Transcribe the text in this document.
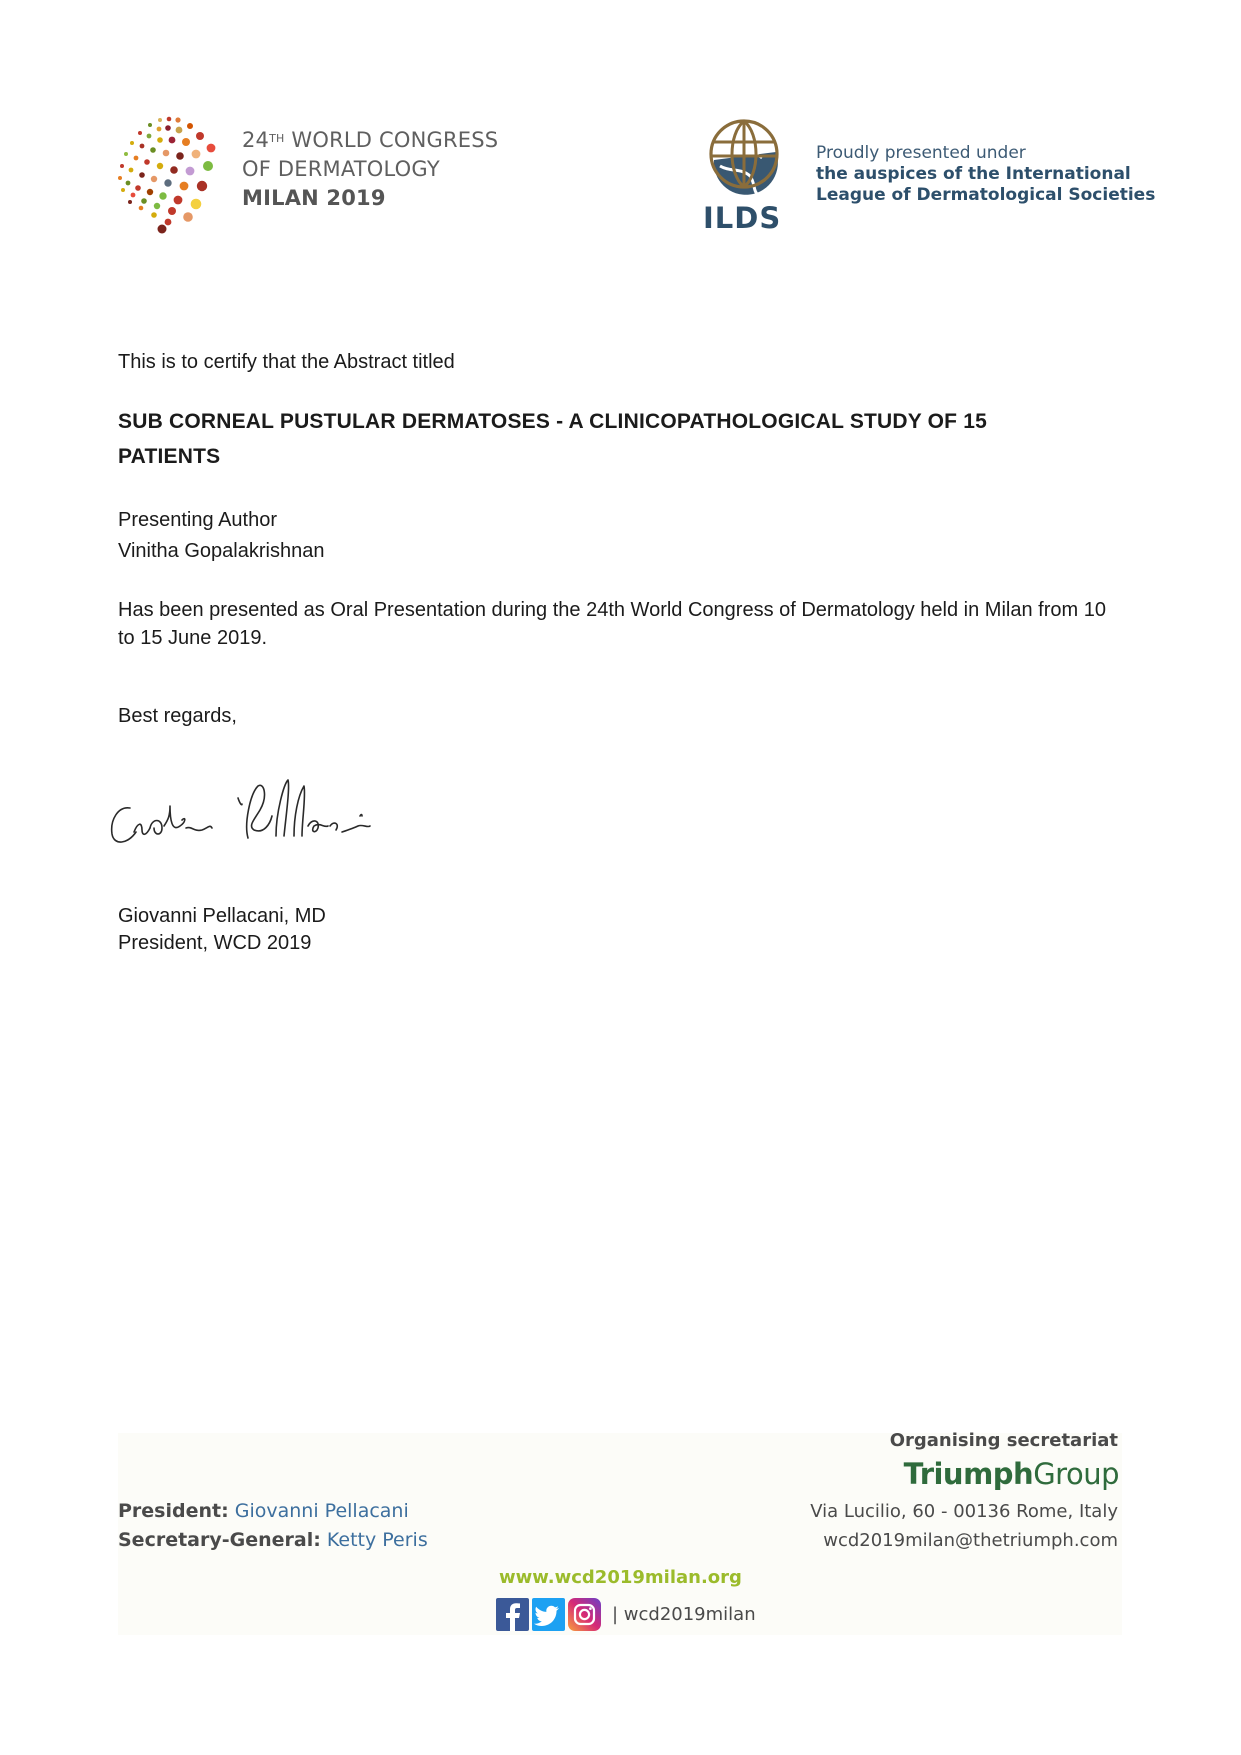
24TH WORLD CONGRESS
OF DERMATOLOGY
MILAN 2019
ILDS
Proudly presented under
the auspices of the International
League of Dermatological Societies
This is to certify that the Abstract titled
SUB CORNEAL PUSTULAR DERMATOSES - A CLINICOPATHOLOGICAL STUDY OF 15 PATIENTS
Presenting Author
Vinitha Gopalakrishnan
Has been presented as Oral Presentation during the 24th World Congress of Dermatology held in Milan from 10 to 15 June 2019.
Best regards,
Giovanni Pellacani, MD
President, WCD 2019
President: Giovanni Pellacani
Secretary-General: Ketty Peris
Organising secretariat
TriumphGroup
Via Lucilio, 60 - 00136 Rome, Italy
wcd2019milan@thetriumph.com
www.wcd2019milan.org
| wcd2019milan
